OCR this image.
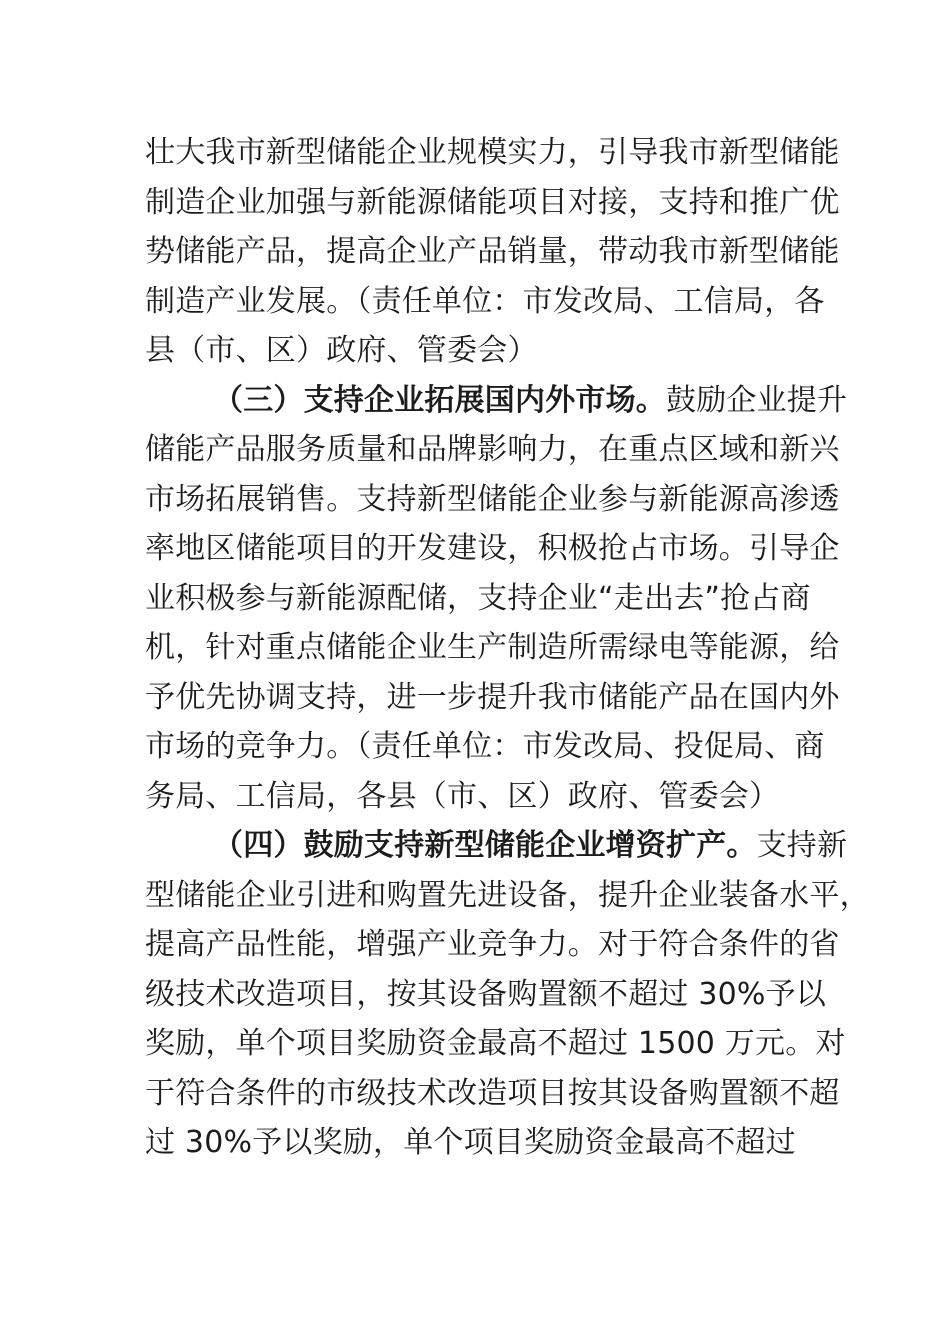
壮大我市新型储能企业规模实力，引导我市新型储能
制造企业加强与新能源储能项目对接，支持和推广优
势储能产品，提高企业产品销量，带动我市新型储能
制造产业发展。（责任单位：市发改局、工信局，各
县（市、区）政府、管委会）
（三）支持企业拓展国内外市场。鼓励企业提升
储能产品服务质量和品牌影响力，在重点区域和新兴
市场拓展销售。支持新型储能企业参与新能源高渗透
率地区储能项目的开发建设，积极抢占市场。引导企
业积极参与新能源配储，支持企业“走出去”抢占商
机，针对重点储能企业生产制造所需绿电等能源，给
予优先协调支持，进一步提升我市储能产品在国内外
市场的竞争力。（责任单位：市发改局、投促局、商
务局、工信局，各县（市、区）政府、管委会）
（四）鼓励支持新型储能企业增资扩产。支持新
型储能企业引进和购置先进设备，提升企业装备水平，
提高产品性能，增强产业竞争力。对于符合条件的省
级技术改造项目，按其设备购置额不超过 30%予以
奖励，单个项目奖励资金最高不超过 1500 万元。对
于符合条件的市级技术改造项目按其设备购置额不超
过 30%予以奖励，单个项目奖励资金最高不超过
